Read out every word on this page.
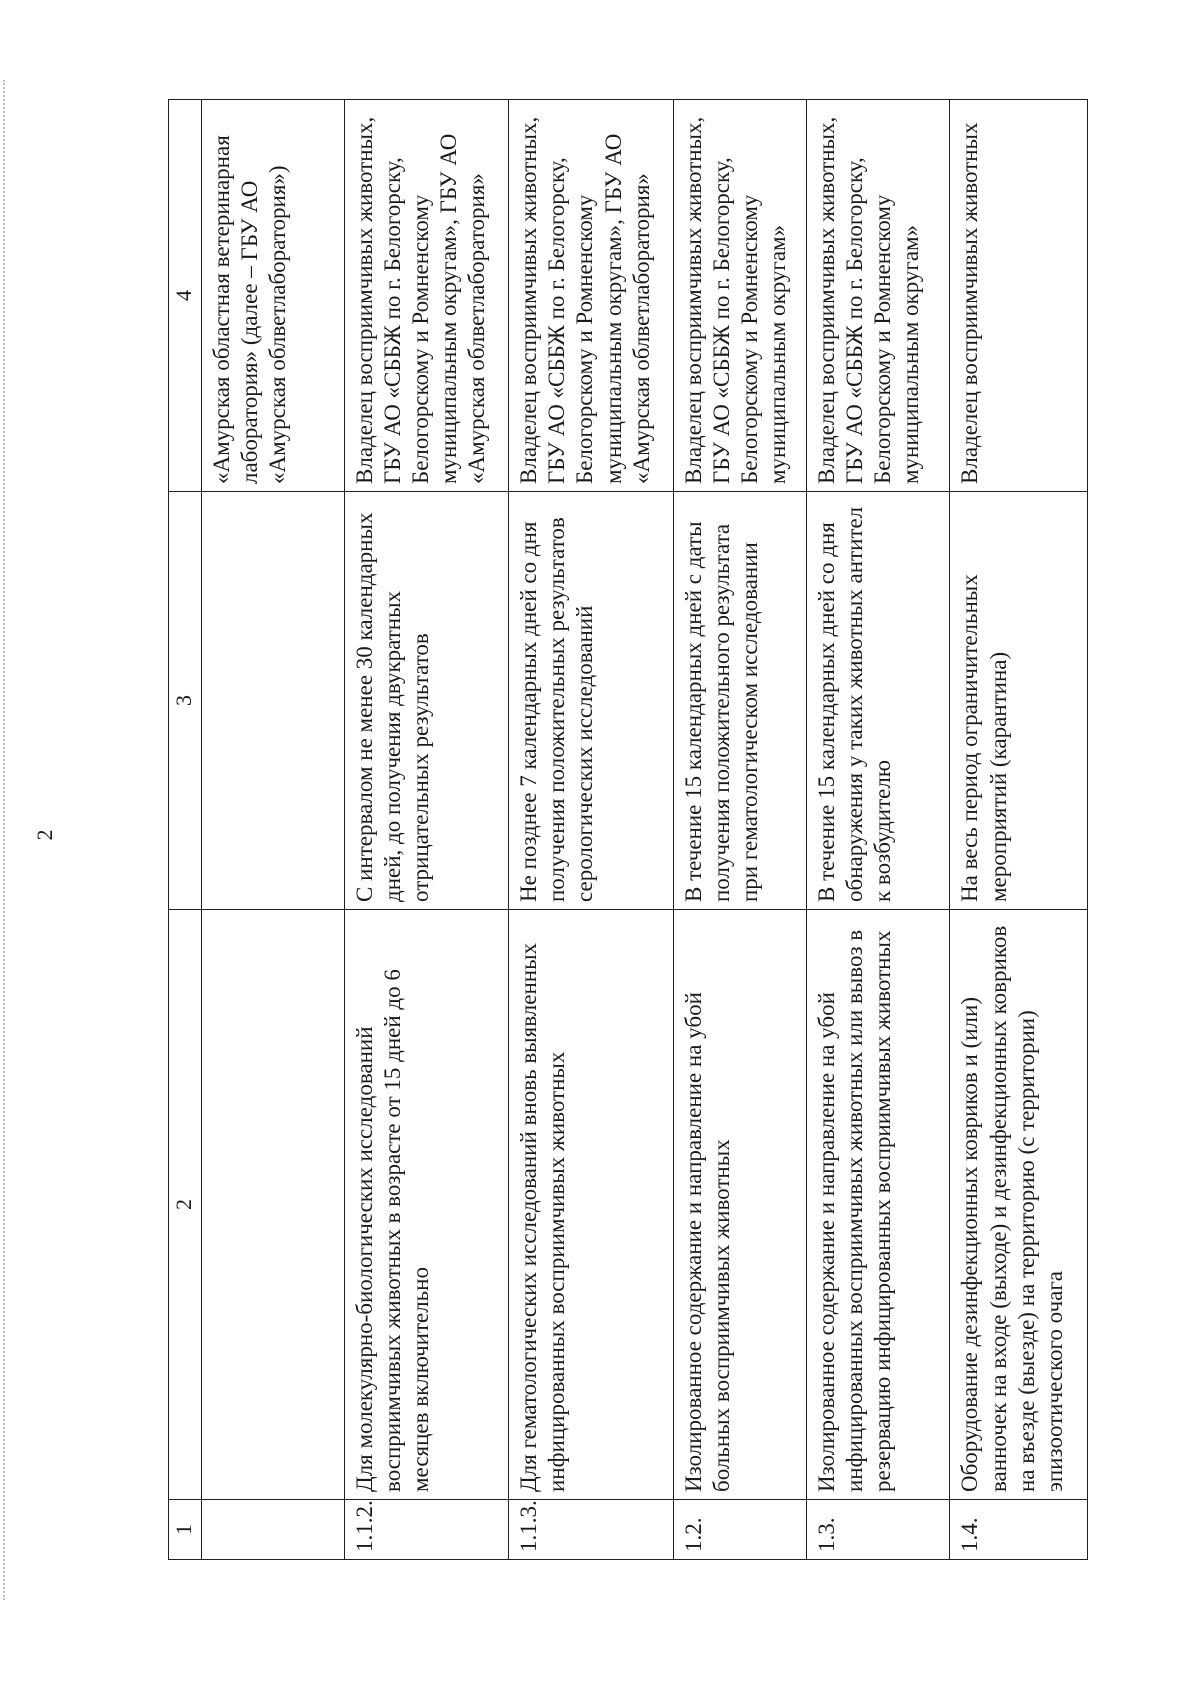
2
1	2	3	4
			«Амурская областная ветеринарная лаборатория» (далее – ГБУ АО «Амурская облветлаборатория»)
1.1.2.	Для молекулярно-биологических исследований восприимчивых животных в возрасте от 15 дней до 6 месяцев включительно	С интервалом не менее 30 календарных дней, до получения двукратных отрицательных результатов	Владелец восприимчивых животных, ГБУ АО «СББЖ по г. Белогорску, Белогорскому и Ромненскому муниципальным округам», ГБУ АО «Амурская облветлаборатория»
1.1.3.	Для гематологических исследований вновь выявленных инфицированных восприимчивых животных	Не позднее 7 календарных дней со дня получения положительных результатов серологических исследований	Владелец восприимчивых животных, ГБУ АО «СББЖ по г. Белогорску, Белогорскому и Ромненскому муниципальным округам», ГБУ АО «Амурская облветлаборатория»
1.2.	Изолированное содержание и направление на убой больных восприимчивых животных	В течение 15 календарных дней с даты получения положительного результата при гематологическом исследовании	Владелец восприимчивых животных, ГБУ АО «СББЖ по г. Белогорску, Белогорскому и Ромненскому муниципальным округам»
1.3.	Изолированное содержание и направление на убой инфицированных восприимчивых животных или вывоз в резервацию инфицированных восприимчивых животных	В течение 15 календарных дней со дня обнаружения у таких животных антител к возбудителю	Владелец восприимчивых животных, ГБУ АО «СББЖ по г. Белогорску, Белогорскому и Ромненскому муниципальным округам»
1.4.	Оборудование дезинфекционных ковриков и (или) ванночек на входе (выходе) и дезинфекционных ковриков на въезде (выезде) на территорию (с территории) эпизоотического очага	На весь период ограничительных мероприятий (карантина)	Владелец восприимчивых животных
